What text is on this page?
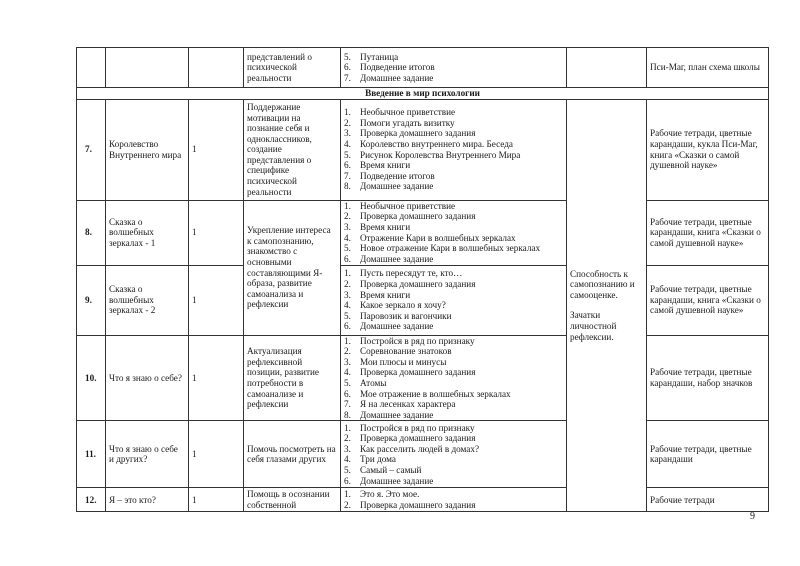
			представлений о психической реальности	
5. Путаница
6. Подведение итогов
7. Домашнее задание
		Пси-Маг, план схема школы
Введение в мир психологии						
7.	Королевство Внутреннего мира	1	Поддержание мотивации на познание себя и одноклассников, создание представления о специфике психической реальности	
1. Необычное приветствие
2. Помоги угадать визитку
3. Проверка домашнего задания
4. Королевство внутреннего мира. Беседа
5. Рисунок Королевства Внутреннего Мира
6. Время книги
7. Подведение итогов
8. Домашнее задание

Способность к самопознанию и самооценке.
Зачатки личностной рефлексии.
	Рабочие тетради, цветные карандаши, кукла Пси-Маг, книга «Сказки о самой душевной науке»
8.	Сказка о волшебных зеркалах - 1	1	Укрепление интереса к самопознанию, знакомство с основными составляющими Я-образа, развитие самоанализа и рефлексии	
1. Необычное приветствие
2. Проверка домашнего задания
3. Время книги
4. Отражение Кари в волшебных зеркалах
5. Новое отражение Кари в волшебных зеркалах
6. Домашнее задание
	Рабочие тетради, цветные карандаши, книга «Сказки о самой душевной науке»
9.	Сказка о волшебных зеркалах - 2	1	
1. Пусть пересядут те, кто…
2. Проверка домашнего задания
3. Время книги
4. Какое зеркало я хочу?
5. Паровозик и вагончики
6. Домашнее задание
	Рабочие тетради, цветные карандаши, книга «Сказки о самой душевной науке»
10.	Что я знаю о себе?	1	Актуализация рефлексивной позиции, развитие потребности в самоанализе и рефлексии	
1. Постройся в ряд по признаку
2. Соревнование знатоков
3. Мои плюсы и минусы
4. Проверка домашнего задания
5. Атомы
6. Мое отражение в волшебных зеркалах
7. Я на лесенках характера
8. Домашнее задание
	Рабочие тетради, цветные карандаши, набор значков
11.	Что я знаю о себе и других?	1	Помочь посмотреть на себя глазами других	
1. Постройся в ряд по признаку
2. Проверка домашнего задания
3. Как расселить людей в домах?
4. Три дома
5. Самый – самый
6. Домашнее задание
	Рабочие тетради, цветные карандаши
12.	Я – это кто?	1	Помощь в осознании собственной	
1. Это я. Это мое.
2. Проверка домашнего задания
	Рабочие тетради
9
